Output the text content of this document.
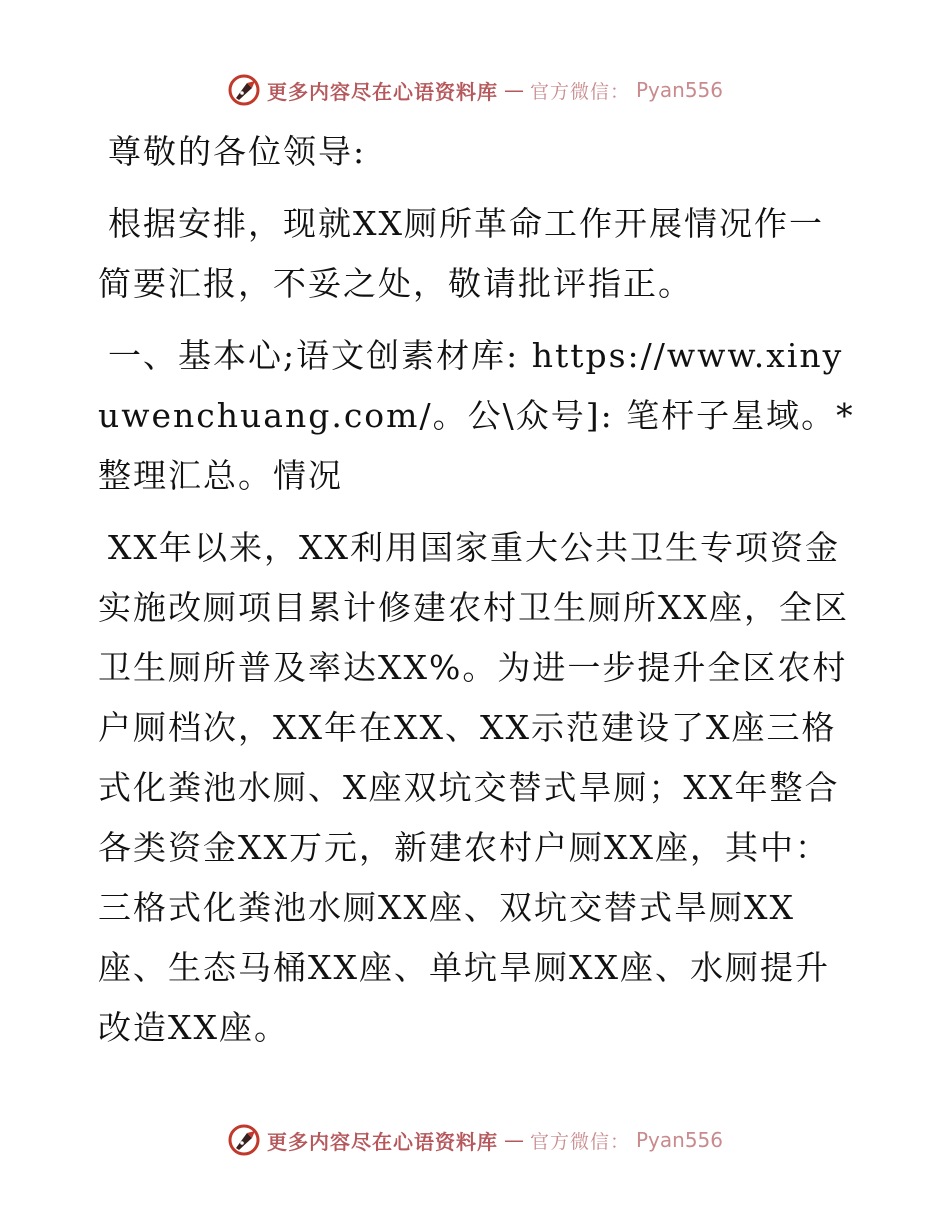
更多内容尽在心语资料库 — 官方微信： Pyan556

尊敬的各位领导:

根据安排，现就XX厕所革命工作开展情况作一简要汇报，不妥之处，敬请批评指正。

一、基本心;语文创素材库: https://www.xinyuwenchuang.com/。公\众号]: 笔杆子星域。*整理汇总。情况

XX年以来，XX利用国家重大公共卫生专项资金实施改厕项目累计修建农村卫生厕所XX座，全区卫生厕所普及率达XX%。为进一步提升全区农村户厕档次，XX年在XX、XX示范建设了X座三格式化粪池水厕、X座双坑交替式旱厕；XX年整合各类资金XX万元，新建农村户厕XX座，其中：三格式化粪池水厕XX座、双坑交替式旱厕XX座、生态马桶XX座、单坑旱厕XX座、水厕提升改造XX座。

更多内容尽在心语资料库 — 官方微信： Pyan556
